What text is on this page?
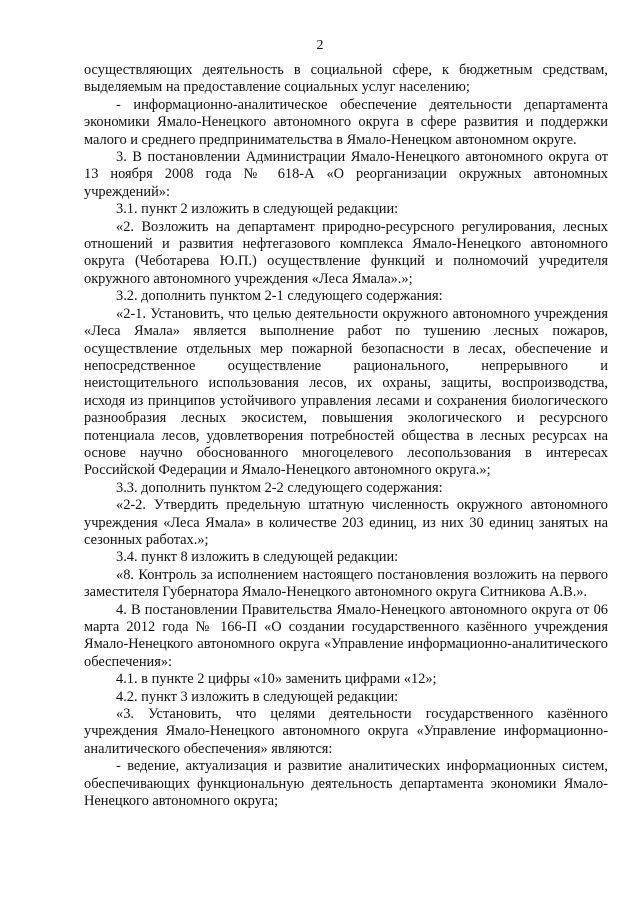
2

осуществляющих деятельность в социальной сфере, к бюджетным средствам, выделяемым на предоставление социальных услуг населению;

- информационно-аналитическое обеспечение деятельности департамента экономики Ямало-Ненецкого автономного округа в сфере развития и поддержки малого и среднего предпринимательства в Ямало-Ненецком автономном округе.

3. В постановлении Администрации Ямало-Ненецкого автономного округа от 13 ноября 2008 года № 618-А «О реорганизации окружных автономных учреждений»:

3.1. пункт 2 изложить в следующей редакции:

«2. Возложить на департамент природно-ресурсного регулирования, лесных отношений и развития нефтегазового комплекса Ямало-Ненецкого автономного округа (Чеботарева Ю.П.) осуществление функций и полномочий учредителя окружного автономного учреждения «Леса Ямала».»;

3.2. дополнить пунктом 2-1 следующего содержания:

«2-1. Установить, что целью деятельности окружного автономного учреждения «Леса Ямала» является выполнение работ по тушению лесных пожаров, осуществление отдельных мер пожарной безопасности в лесах, обеспечение и непосредственное осуществление рационального, непрерывного и неистощительного использования лесов, их охраны, защиты, воспроизводства, исходя из принципов устойчивого управления лесами и сохранения биологического разнообразия лесных экосистем, повышения экологического и ресурсного потенциала лесов, удовлетворения потребностей общества в лесных ресурсах на основе научно обоснованного многоцелевого лесопользования в интересах Российской Федерации и Ямало-Ненецкого автономного округа.»;

3.3. дополнить пунктом 2-2 следующего содержания:

«2-2. Утвердить предельную штатную численность окружного автономного учреждения «Леса Ямала» в количестве 203 единиц, из них 30 единиц занятых на сезонных работах.»;

3.4. пункт 8 изложить в следующей редакции:

«8. Контроль за исполнением настоящего постановления возложить на первого заместителя Губернатора Ямало-Ненецкого автономного округа Ситникова А.В.».

4. В постановлении Правительства Ямало-Ненецкого автономного округа от 06 марта 2012 года № 166-П «О создании государственного казённого учреждения Ямало-Ненецкого автономного округа «Управление информационно-аналитического обеспечения»:

4.1. в пункте 2 цифры «10» заменить цифрами «12»;

4.2. пункт 3 изложить в следующей редакции:

«3. Установить, что целями деятельности государственного казённого учреждения Ямало-Ненецкого автономного округа «Управление информационно-аналитического обеспечения» являются:

- ведение, актуализация и развитие аналитических информационных систем, обеспечивающих функциональную деятельность департамента экономики Ямало-Ненецкого автономного округа;
